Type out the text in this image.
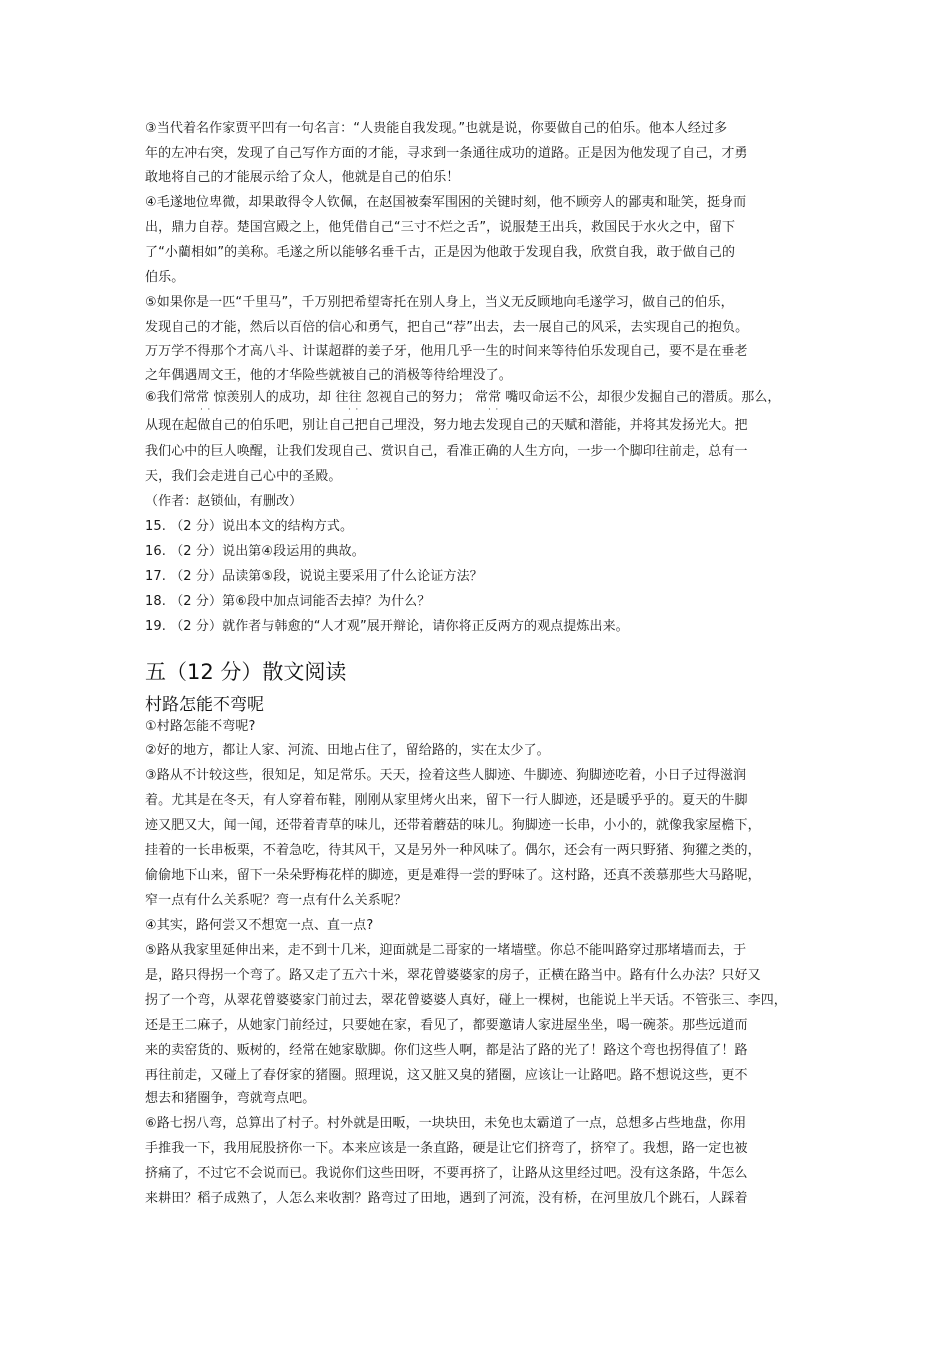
③当代着名作家贾平凹有一句名言：“人贵能自我发现。”也就是说，你要做自己的伯乐。他本人经过多
年的左冲右突，发现了自己写作方面的才能，寻求到一条通往成功的道路。正是因为他发现了自己，才勇
敢地将自己的才能展示给了众人，他就是自己的伯乐！
④毛遂地位卑微，却果敢得令人钦佩，在赵国被秦军围困的关键时刻，他不顾旁人的鄙夷和耻笑，挺身而
出，鼎力自荐。楚国宫殿之上，他凭借自己“三寸不烂之舌”，说服楚王出兵，救国民于水火之中，留下
了“小藺相如”的美称。毛遂之所以能够名垂千古，正是因为他敢于发现自我，欣赏自我，敢于做自己的
伯乐。
⑤如果你是一匹“千里马”，千万别把希望寄托在别人身上，当义无反顾地向毛遂学习，做自己的伯乐，
发现自己的才能，然后以百倍的信心和勇气，把自己“荐”出去，去一展自己的风采，去实现自己的抱负。
万万学不得那个才高八斗、计谋超群的姜子牙，他用几乎一生的时间来等待伯乐发现自己，要不是在垂老
之年偶遇周文王，他的才华险些就被自己的消极等待给埋没了。
⑥我们常常 惊羡别人的成功，却 往往 忽视自己的努力； 常常 嘴叹命运不公，却很少发掘自己的潜质。那么，
· ·	· ·	· ·
从现在起做自己的伯乐吧，别让自己把自己埋没，努力地去发现自己的天赋和潜能，并将其发扬光大。把
我们心中的巨人唤醒，让我们发现自己、赏识自己，看准正确的人生方向，一步一个脚印往前走，总有一
天，我们会走进自己心中的圣殿。
（作者：赵锁仙，有删改）
15. （2 分）说出本文的结构方式。
16. （2 分）说出第④段运用的典故。
17. （2 分）品读第⑤段，说说主要采用了什么论证方法？
18. （2 分）第⑥段中加点词能否去掉？为什么？
19. （2 分）就作者与韩愈的“人才观”展开辩论，请你将正反两方的观点提炼出来。
五（12 分）散文阅读
村路怎能不弯呢
①村路怎能不弯呢?
②好的地方，都让人家、河流、田地占住了，留给路的，实在太少了。
③路从不计较这些，很知足，知足常乐。天天，捡着这些人脚迹、牛脚迹、狗脚迹吃着，小日子过得滋润
着。尤其是在冬天，有人穿着布鞋，刚刚从家里烤火出来，留下一行人脚迹，还是暖乎乎的。夏天的牛脚
迹又肥又大，闻一闻，还带着青草的味儿，还带着蘑菇的味儿。狗脚迹一长串，小小的，就像我家屋檐下，
挂着的一长串板栗，不着急吃，待其风干，又是另外一种风味了。偶尔，还会有一两只野猪、狗獾之类的，
偷偷地下山来，留下一朵朵野梅花样的脚迹，更是难得一尝的野味了。这村路，还真不羡慕那些大马路呢，
窄一点有什么关系呢？弯一点有什么关系呢？
④其实，路何尝又不想宽一点、直一点?
⑤路从我家里延伸出来，走不到十几米，迎面就是二哥家的一堵墙壁。你总不能叫路穿过那堵墙而去，于
是，路只得拐一个弯了。路又走了五六十米，翠花曾婆婆家的房子，正横在路当中。路有什么办法？只好又
拐了一个弯，从翠花曾婆婆家门前过去，翠花曾婆婆人真好，碰上一棵树，也能说上半天话。不管张三、李四，
还是王二麻子，从她家门前经过，只要她在家，看见了，都要邀请人家进屋坐坐，喝一碗茶。那些远道而
来的卖窑货的、贩树的，经常在她家歇脚。你们这些人啊，都是沾了路的光了！路这个弯也拐得值了！路
再往前走，又碰上了春伢家的猪圈。照理说，这又脏又臭的猪圈，应该让一让路吧。路不想说这些，更不
想去和猪圈争，弯就弯点吧。
⑥路七拐八弯，总算出了村子。村外就是田畈，一块块田，未免也太霸道了一点，总想多占些地盘，你用
手推我一下，我用屁股挤你一下。本来应该是一条直路，硬是让它们挤弯了，挤窄了。我想，路一定也被
挤痛了，不过它不会说而已。我说你们这些田呀，不要再挤了，让路从这里经过吧。没有这条路，牛怎么
来耕田？稻子成熟了，人怎么来收割？路弯过了田地，遇到了河流，没有桥，在河里放几个跳石，人踩着
